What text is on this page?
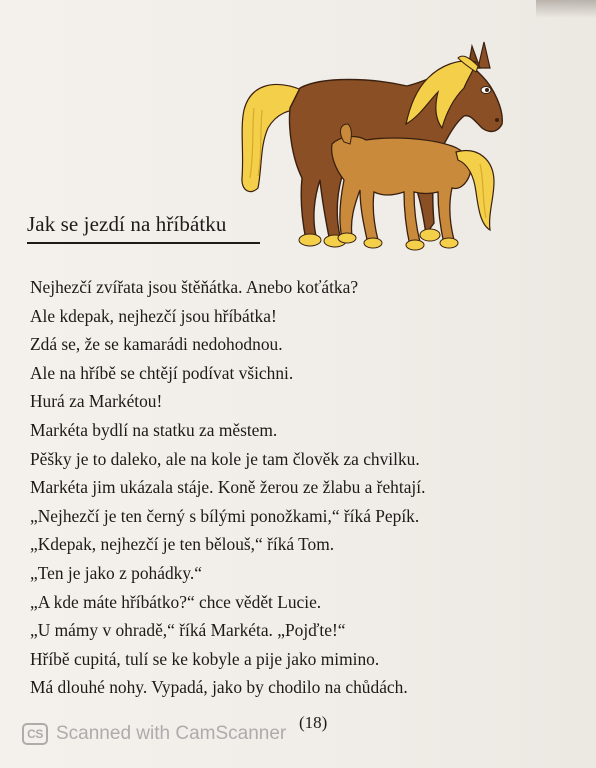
Jak se jezdí na hříbátku
Nejhezčí zvířata jsou štěňátka. Anebo koťátka?
Ale kdepak, nejhezčí jsou hříbátka!
Zdá se, že se kamarádi nedohodnou.
Ale na hříbě se chtějí podívat všichni.
Hurá za Markétou!
Markéta bydlí na statku za městem.
Pěšky je to daleko, ale na kole je tam člověk za chvilku.
Markéta jim ukázala stáje. Koně žerou ze žlabu a řehtají.
„Nejhezčí je ten černý s bílými ponožkami,“ říká Pepík.
„Kdepak, nejhezčí je ten bělouš,“ říká Tom.
„Ten je jako z pohádky.“
„A kde máte hříbátko?“ chce vědět Lucie.
„U mámy v ohradě,“ říká Markéta. „Pojďte!“
Hříbě cupitá, tulí se ke kobyle a pije jako mimino.
Má dlouhé nohy. Vypadá, jako by chodilo na chůdách.
(18)
CS Scanned with CamScanner
